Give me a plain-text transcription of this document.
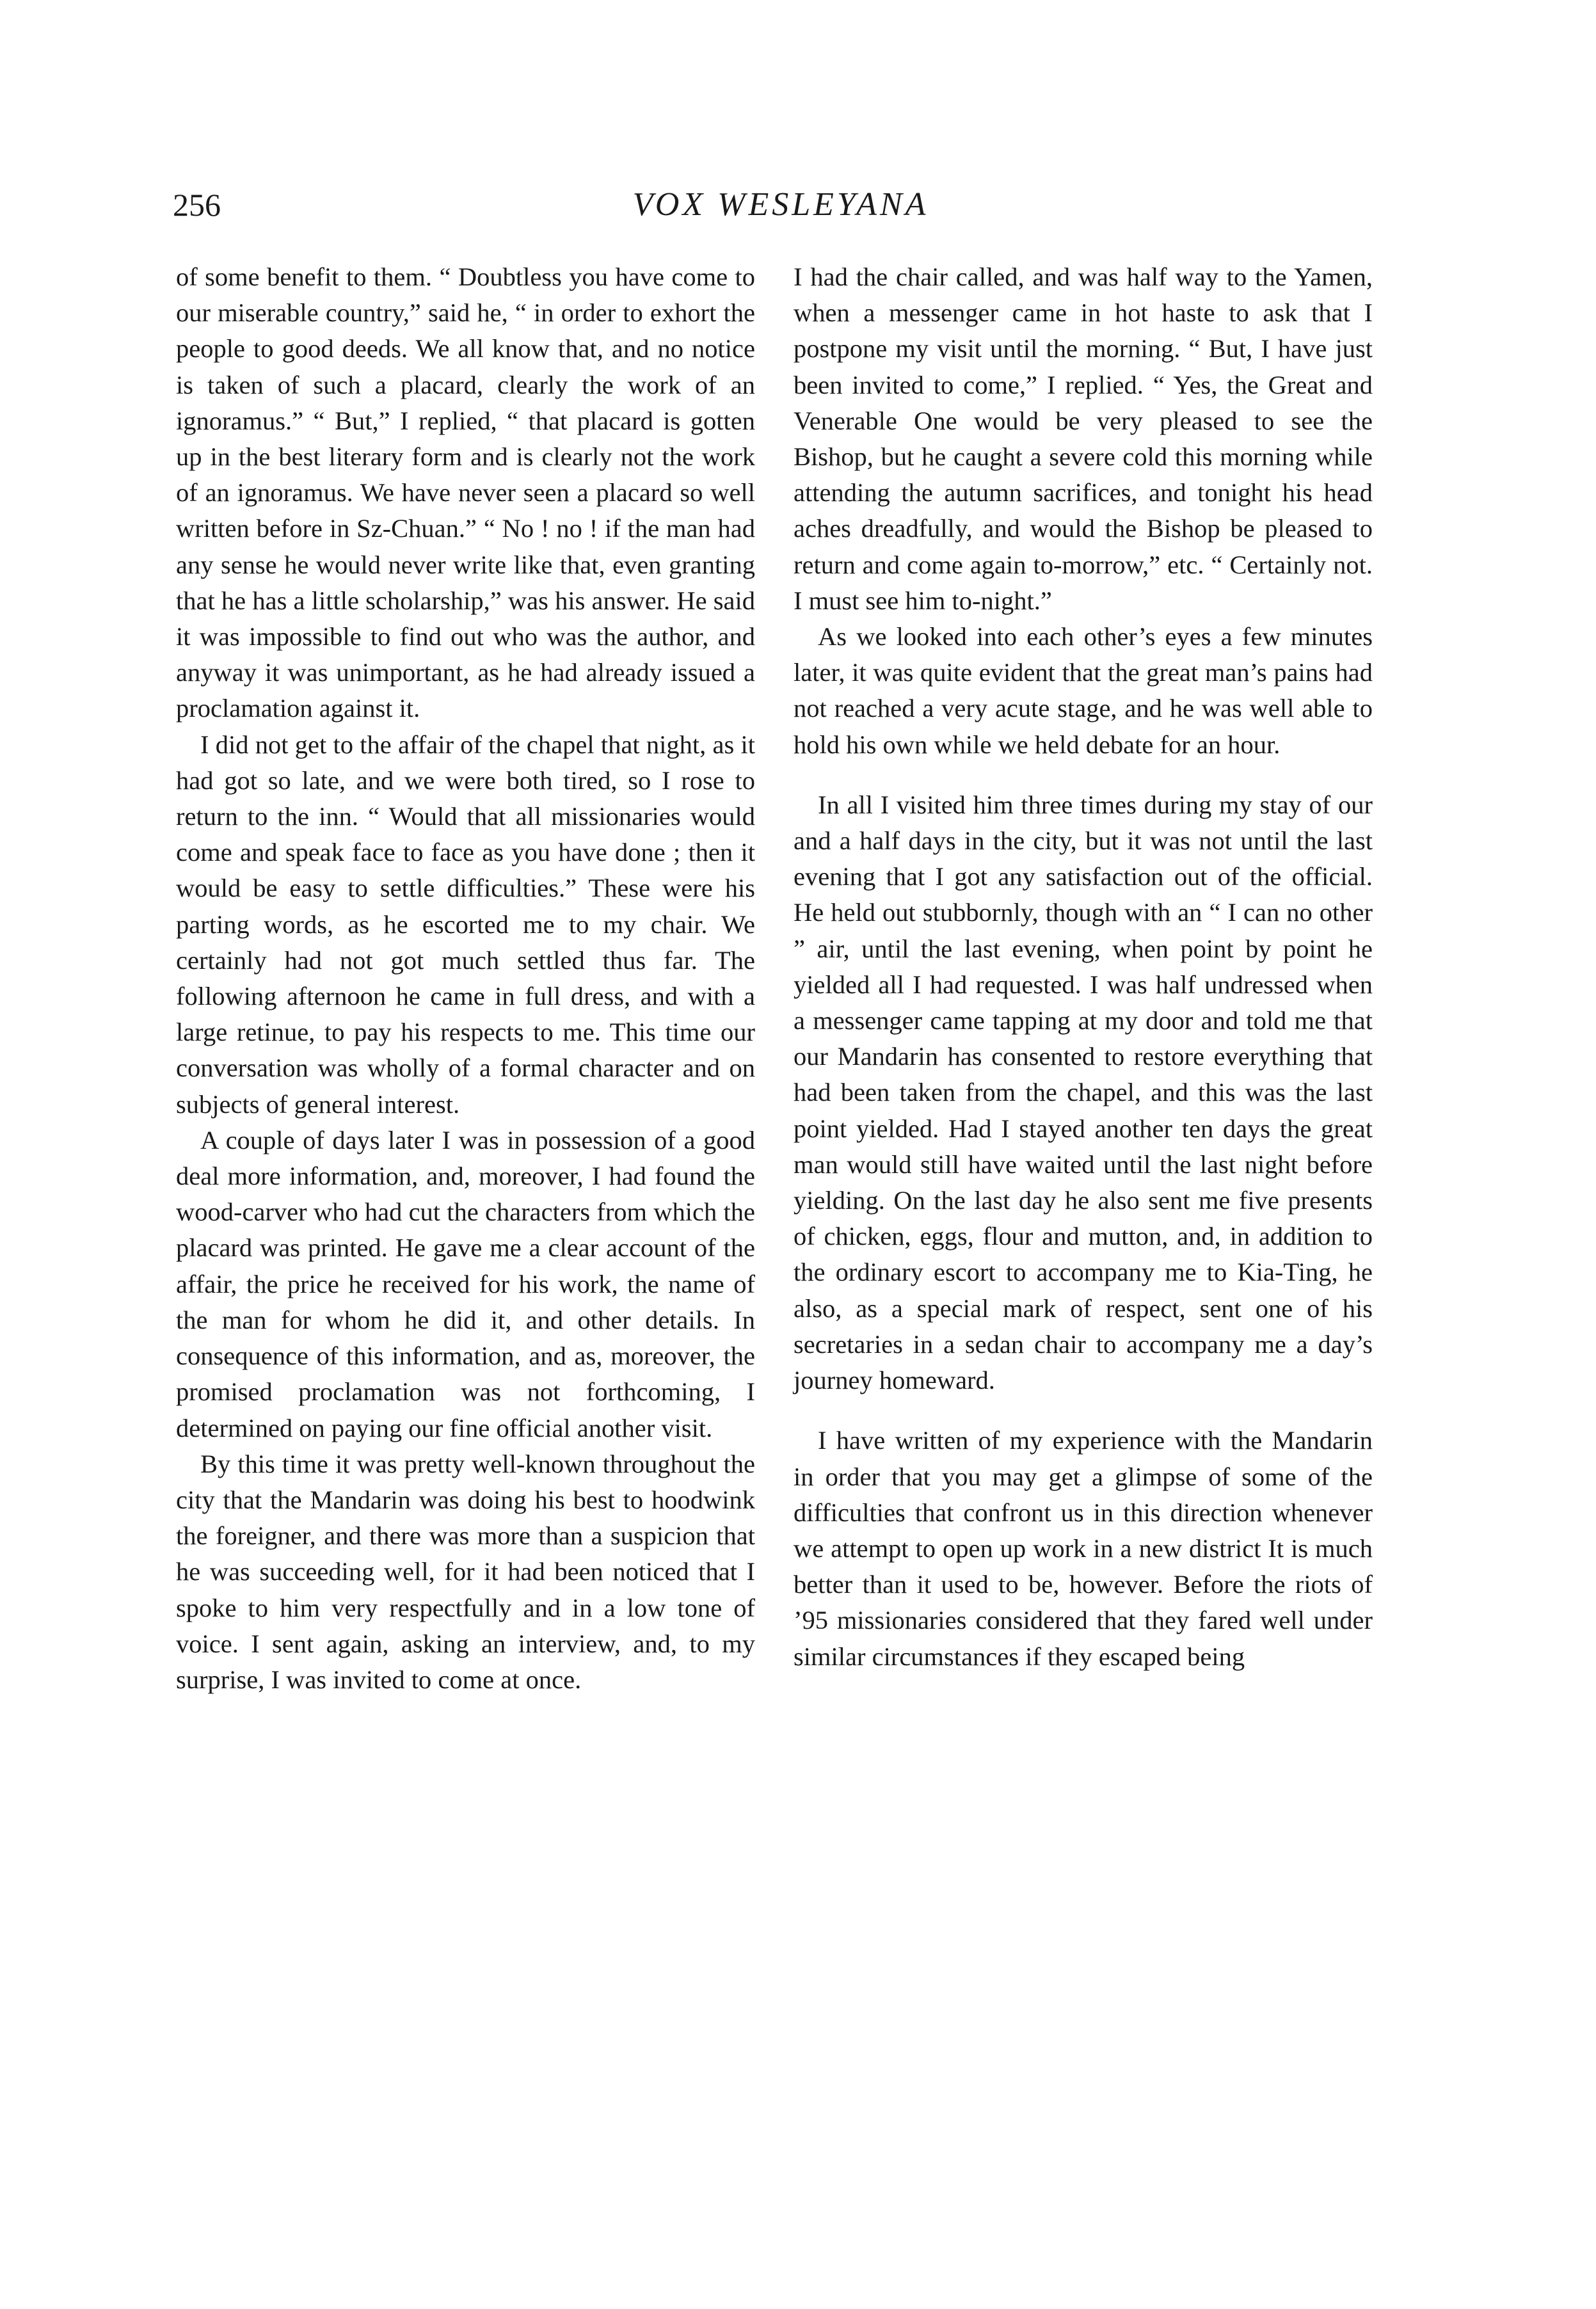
256	VOX WESLEYANA

of some benefit to them. “ Doubtless you have come to our miserable country,” said he, “ in order to exhort the people to good deeds. We all know that, and no notice is taken of such a placard, clearly the work of an ignoramus.” “ But,” I replied, “ that placard is gotten up in the best literary form and is clearly not the work of an ignoramus. We have never seen a placard so well written before in Sz-Chuan.” “ No ! no ! if the man had any sense he would never write like that, even granting that he has a little scholarship,” was his answer. He said it was impossible to find out who was the author, and anyway it was unimportant, as he had already issued a proclamation against it.

I did not get to the affair of the chapel that night, as it had got so late, and we were both tired, so I rose to return to the inn. “ Would that all missionaries would come and speak face to face as you have done ; then it would be easy to settle difficulties.” These were his parting words, as he escorted me to my chair. We certainly had not got much settled thus far. The following afternoon he came in full dress, and with a large retinue, to pay his respects to me. This time our conversation was wholly of a formal character and on subjects of general interest.

A couple of days later I was in possession of a good deal more information, and, moreover, I had found the wood-carver who had cut the characters from which the placard was printed. He gave me a clear account of the affair, the price he received for his work, the name of the man for whom he did it, and other details. In consequence of this information, and as, moreover, the promised proclamation was not forthcoming, I determined on paying our fine official another visit.

By this time it was pretty well-known throughout the city that the Mandarin was doing his best to hoodwink the foreigner, and there was more than a suspicion that he was succeeding well, for it had been noticed that I spoke to him very respectfully and in a low tone of voice. I sent again, asking an interview, and, to my surprise, I was invited to come at once.

I had the chair called, and was half way to the Yamen, when a messenger came in hot haste to ask that I postpone my visit until the morning. “ But, I have just been invited to come,” I replied. “ Yes, the Great and Venerable One would be very pleased to see the Bishop, but he caught a severe cold this morning while attending the autumn sacrifices, and tonight his head aches dreadfully, and would the Bishop be pleased to return and come again to-morrow,” etc. “ Certainly not. I must see him to-night.”

As we looked into each other’s eyes a few minutes later, it was quite evident that the great man’s pains had not reached a very acute stage, and he was well able to hold his own while we held debate for an hour.

In all I visited him three times during my stay of our and a half days in the city, but it was not until the last evening that I got any satisfaction out of the official. He held out stubbornly, though with an “ I can no other ” air, until the last evening, when point by point he yielded all I had requested. I was half undressed when a messenger came tapping at my door and told me that our Mandarin has consented to restore everything that had been taken from the chapel, and this was the last point yielded. Had I stayed another ten days the great man would still have waited until the last night before yielding. On the last day he also sent me five presents of chicken, eggs, flour and mutton, and, in addition to the ordinary escort to accompany me to Kia-Ting, he also, as a special mark of respect, sent one of his secretaries in a sedan chair to accompany me a day’s journey homeward.

I have written of my experience with the Mandarin in order that you may get a glimpse of some of the difficulties that confront us in this direction whenever we attempt to open up work in a new district It is much better than it used to be, however. Before the riots of ’95 missionaries considered that they fared well under similar circumstances if they escaped being
